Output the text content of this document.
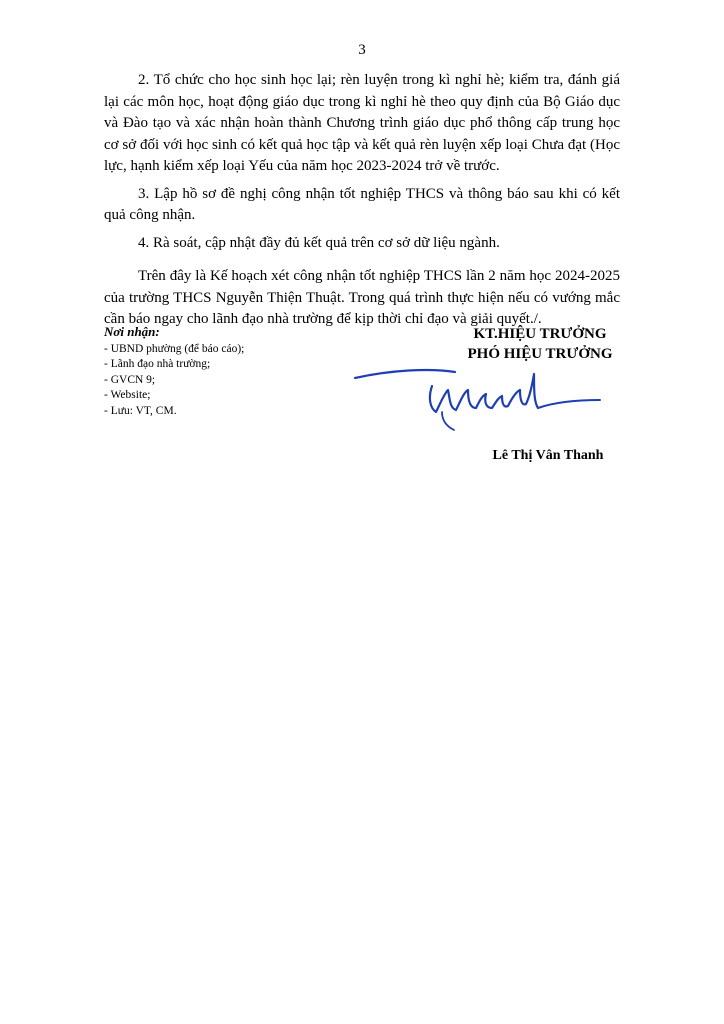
3

2. Tổ chức cho học sinh học lại; rèn luyện trong kì nghỉ hè; kiểm tra, đánh giá lại các môn học, hoạt động giáo dục trong kì nghỉ hè theo quy định của Bộ Giáo dục và Đào tạo và xác nhận hoàn thành Chương trình giáo dục phổ thông cấp trung học cơ sở đối với học sinh có kết quả học tập và kết quả rèn luyện xếp loại Chưa đạt (Học lực, hạnh kiểm xếp loại Yếu của năm học 2023-2024 trở về trước.

3. Lập hồ sơ đề nghị công nhận tốt nghiệp THCS và thông báo sau khi có kết quả công nhận.

4. Rà soát, cập nhật đầy đủ kết quả trên cơ sở dữ liệu ngành.

Trên đây là Kế hoạch xét công nhận tốt nghiệp THCS lần 2 năm học 2024-2025 của trường THCS Nguyễn Thiện Thuật. Trong quá trình thực hiện nếu có vướng mắc cần báo ngay cho lãnh đạo nhà trường để kịp thời chỉ đạo và giải quyết./.

Nơi nhận:
- UBND phường (để báo cáo);
- Lãnh đạo nhà trường;
- GVCN 9;
- Website;
- Lưu: VT, CM.
KT.HIỆU TRƯỞNG
PHÓ HIỆU TRƯỞNG
Lê Thị Vân Thanh
